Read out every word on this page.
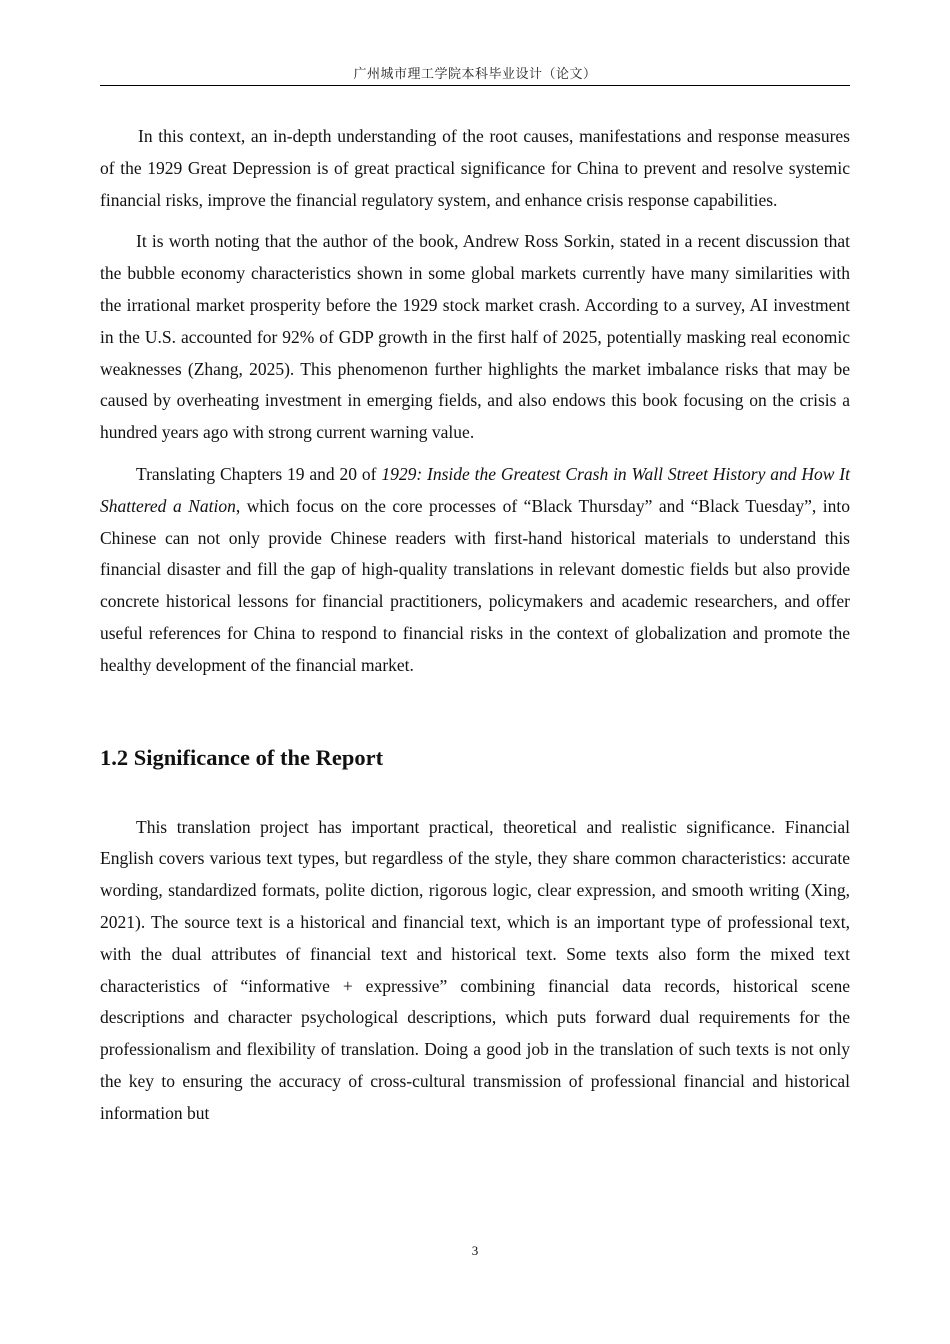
广州城市理工学院本科毕业设计（论文）

In this context, an in-depth understanding of the root causes, manifestations and response measures of the 1929 Great Depression is of great practical significance for China to prevent and resolve systemic financial risks, improve the financial regulatory system, and enhance crisis response capabilities.

It is worth noting that the author of the book, Andrew Ross Sorkin, stated in a recent discussion that the bubble economy characteristics shown in some global markets currently have many similarities with the irrational market prosperity before the 1929 stock market crash. According to a survey, AI investment in the U.S. accounted for 92% of GDP growth in the first half of 2025, potentially masking real economic weaknesses (Zhang, 2025). This phenomenon further highlights the market imbalance risks that may be caused by overheating investment in emerging fields, and also endows this book focusing on the crisis a hundred years ago with strong current warning value.

Translating Chapters 19 and 20 of 1929: Inside the Greatest Crash in Wall Street History and How It Shattered a Nation, which focus on the core processes of “Black Thursday” and “Black Tuesday”, into Chinese can not only provide Chinese readers with first-hand historical materials to understand this financial disaster and fill the gap of high-quality translations in relevant domestic fields but also provide concrete historical lessons for financial practitioners, policymakers and academic researchers, and offer useful references for China to respond to financial risks in the context of globalization and promote the healthy development of the financial market.

1.2 Significance of the Report

This translation project has important practical, theoretical and realistic significance. Financial English covers various text types, but regardless of the style, they share common characteristics: accurate wording, standardized formats, polite diction, rigorous logic, clear expression, and smooth writing (Xing, 2021). The source text is a historical and financial text, which is an important type of professional text, with the dual attributes of financial text and historical text. Some texts also form the mixed text characteristics of “informative + expressive” combining financial data records, historical scene descriptions and character psychological descriptions, which puts forward dual requirements for the professionalism and flexibility of translation. Doing a good job in the translation of such texts is not only the key to ensuring the accuracy of cross-cultural transmission of professional financial and historical information but

3
